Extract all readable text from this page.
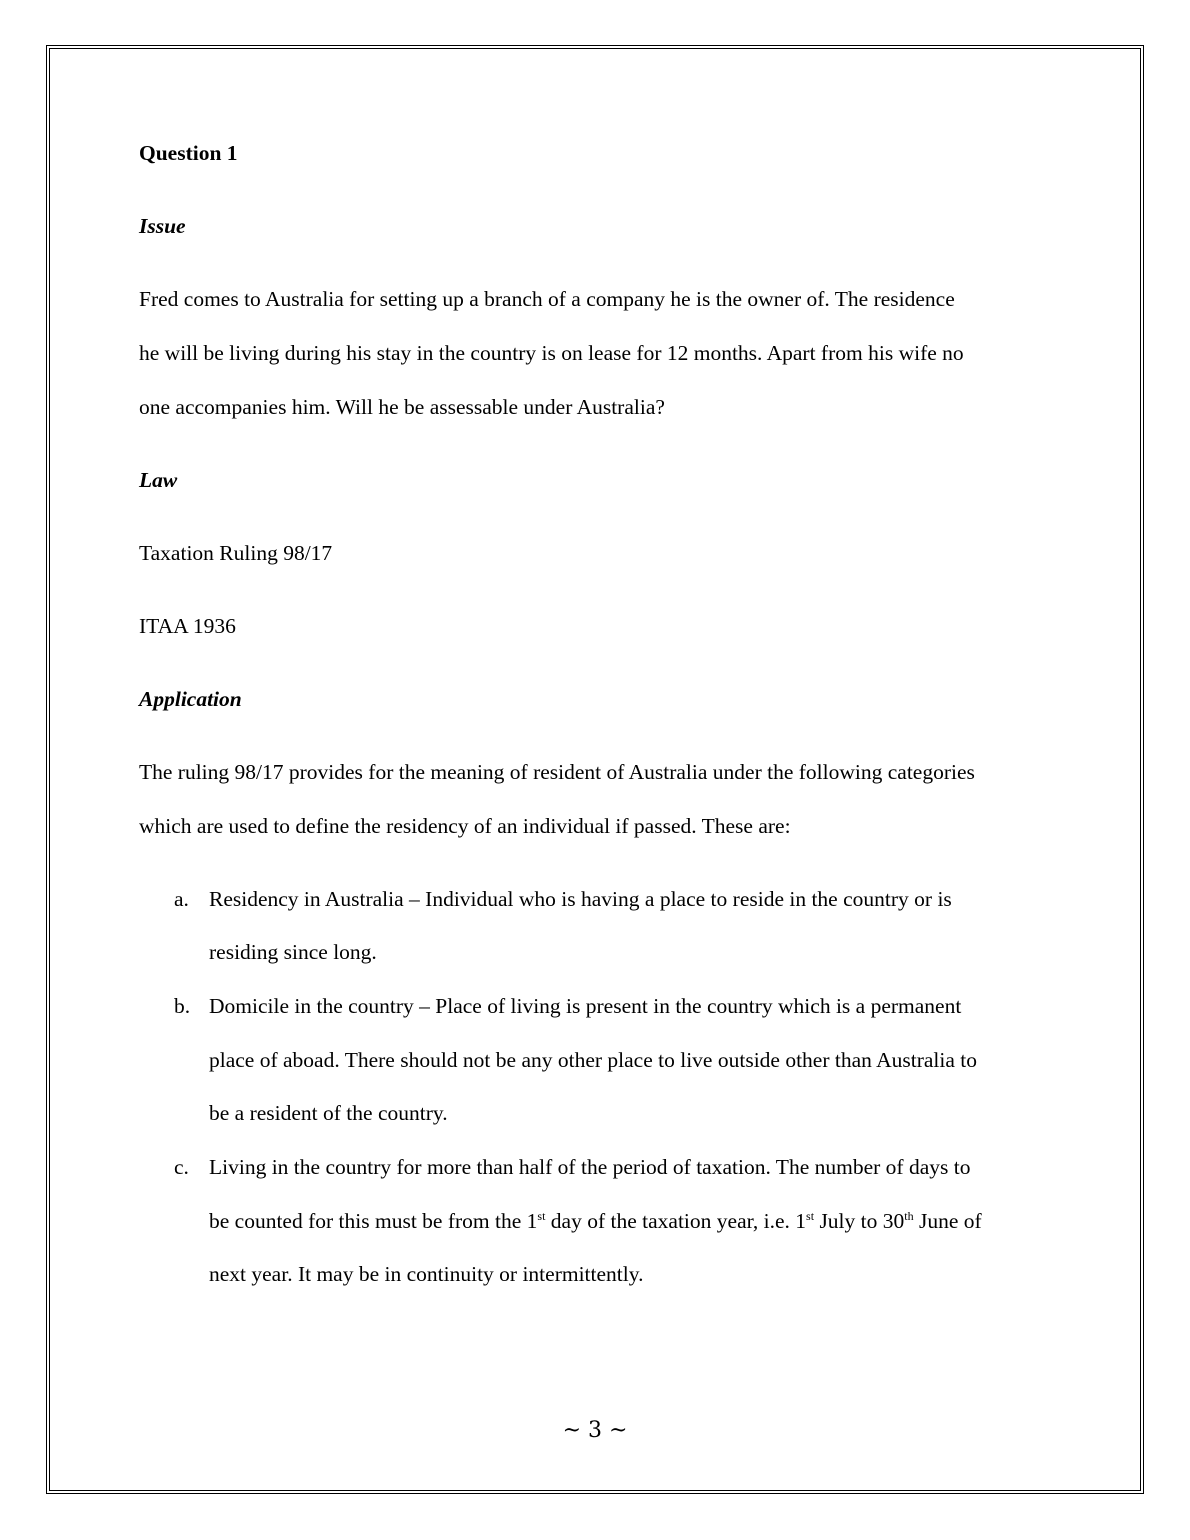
Question 1
Issue
Fred comes to Australia for setting up a branch of a company he is the owner of. The residence
he will be living during his stay in the country is on lease for 12 months. Apart from his wife no
one accompanies him. Will he be assessable under Australia?
Law
Taxation Ruling 98/17
ITAA 1936
Application
The ruling 98/17 provides for the meaning of resident of Australia under the following categories
which are used to define the residency of an individual if passed. These are:
a. Residency in Australia – Individual who is having a place to reside in the country or is
residing since long.
b. Domicile in the country – Place of living is present in the country which is a permanent
place of aboad. There should not be any other place to live outside other than Australia to
be a resident of the country.
c. Living in the country for more than half of the period of taxation. The number of days to
be counted for this must be from the 1st day of the taxation year, i.e. 1st July to 30th June of
next year. It may be in continuity or intermittently.
~ 3 ~
